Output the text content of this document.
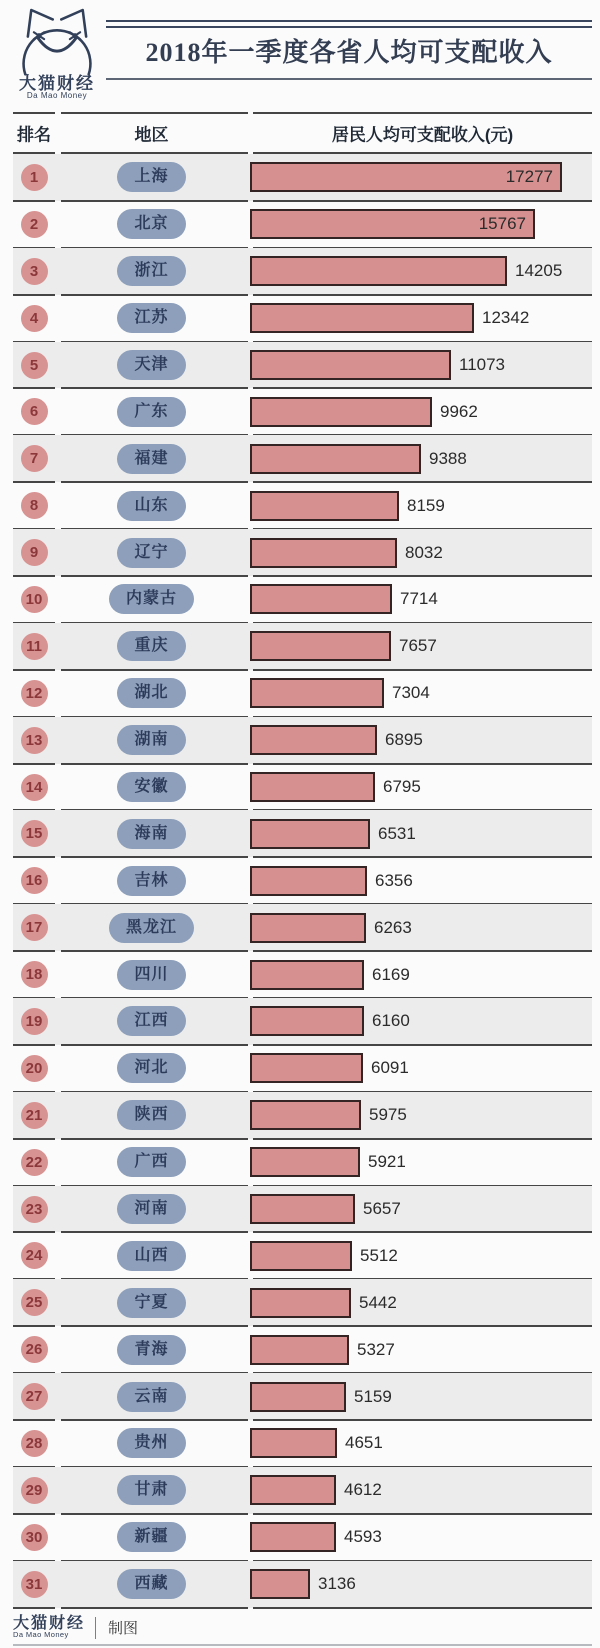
大猫财经
Da Mao Money
2018年一季度各省人均可支配收入
排名	地区	居民人均可支配收入(元)
1	上海	17277
2	北京	15767
3	浙江	14205
4	江苏	12342
5	天津	11073
6	广东	9962
7	福建	9388
8	山东	8159
9	辽宁	8032
10	内蒙古	7714
11	重庆	7657
12	湖北	7304
13	湖南	6895
14	安徽	6795
15	海南	6531
16	吉林	6356
17	黑龙江	6263
18	四川	6169
19	江西	6160
20	河北	6091
21	陕西	5975
22	广西	5921
23	河南	5657
24	山西	5512
25	宁夏	5442
26	青海	5327
27	云南	5159
28	贵州	4651
29	甘肃	4612
30	新疆	4593
31	西藏	3136
大猫财经
Da Mao Money	制图
